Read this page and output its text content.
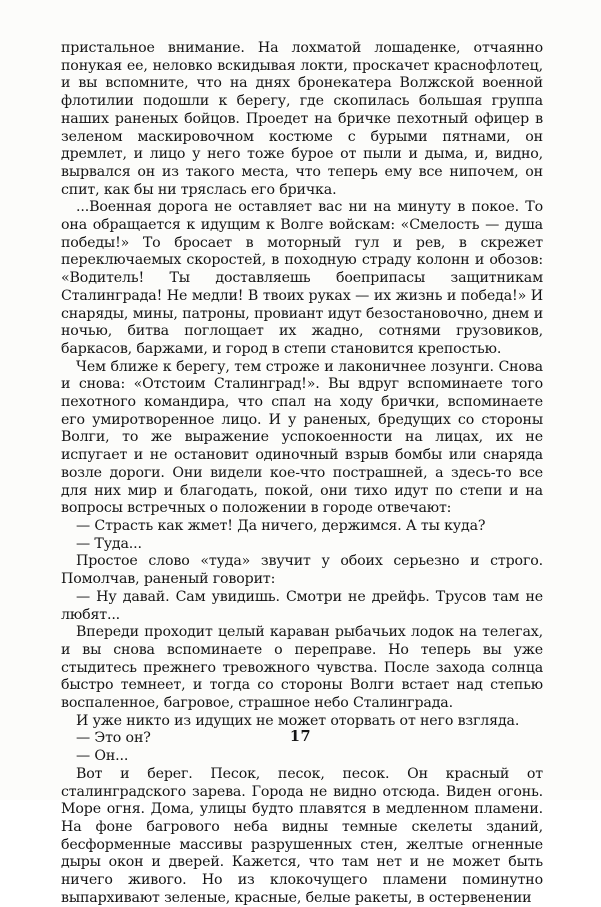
пристальное внимание. На лохматой лошаденке, отчаянно понукая ее, неловко вскидывая локти, проскачет краснофлотец, и вы вспомните, что на днях бронекатера Волжской военной флотилии подошли к берегу, где скопилась большая группа наших раненых бойцов. Проедет на бричке пехотный офицер в зеленом маскировочном костюме с бурыми пятнами, он дремлет, и лицо у него тоже бурое от пыли и дыма, и, видно, вырвался он из такого места, что теперь ему все нипочем, он спит, как бы ни тряслась его бричка.

...Военная дорога не оставляет вас ни на минуту в покое. То она обращается к идущим к Волге войскам: «Смелость — душа победы!» То бросает в моторный гул и рев, в скрежет переключаемых скоростей, в походную страду колонн и обозов: «Водитель! Ты доставляешь боеприпасы защитникам Сталинграда! Не медли! В твоих руках — их жизнь и победа!» И снаряды, мины, патроны, провиант идут безостановочно, днем и ночью, битва поглощает их жадно, сотнями грузовиков, баркасов, баржами, и город в степи становится крепостью.

Чем ближе к берегу, тем строже и лаконичнее лозунги. Снова и снова: «Отстоим Сталинград!». Вы вдруг вспоминаете того пехотного командира, что спал на ходу брички, вспоминаете его умиротворенное лицо. И у раненых, бредущих со стороны Волги, то же выражение успокоенности на лицах, их не испугает и не остановит одиночный взрыв бомбы или снаряда возле дороги. Они видели кое-что пострашней, а здесь-то все для них мир и благодать, покой, они тихо идут по степи и на вопросы встречных о положении в городе отвечают:

— Страсть как жмет! Да ничего, держимся. А ты куда?

— Туда...

Простое слово «туда» звучит у обоих серьезно и строго. Помолчав, раненый говорит:

— Ну давай. Сам увидишь. Смотри не дрейфь. Трусов там не любят...

Впереди проходит целый караван рыбачьих лодок на телегах, и вы снова вспоминаете о переправе. Но теперь вы уже стыдитесь прежнего тревожного чувства. После захода солнца быстро темнеет, и тогда со стороны Волги встает над степью воспаленное, багровое, страшное небо Сталинграда.

И уже никто из идущих не может оторвать от него взгляда.

— Это он?

— Он...

Вот и берег. Песок, песок, песок. Он красный от сталинградского зарева. Города не видно отсюда. Виден огонь. Море огня. Дома, улицы будто плавятся в медленном пламени. На фоне багрового неба видны темные скелеты зданий, бесформенные массивы разрушенных стен, желтые огненные дыры окон и дверей. Кажется, что там нет и не может быть ничего живого. Но из клокочущего пламени поминутно выпархивают зеленые, красные, белые ракеты, в остервенении

17
